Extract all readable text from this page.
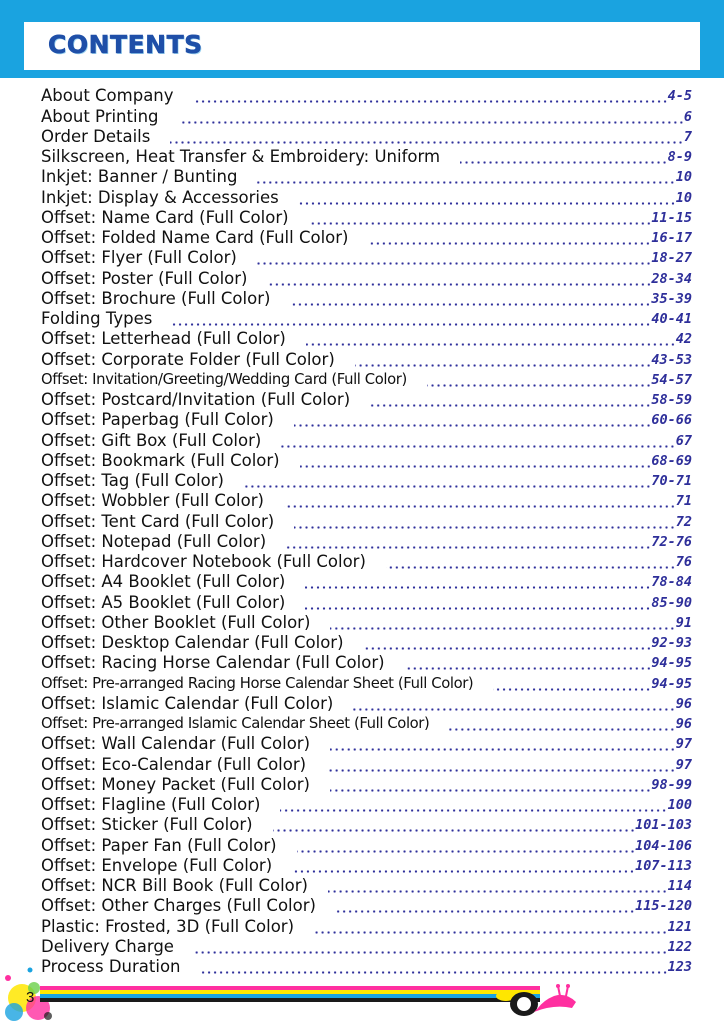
CONTENTS
About Company	4-5
About Printing	6
Order Details	7
Silkscreen, Heat Transfer & Embroidery: Uniform	8-9
Inkjet: Banner / Bunting	10
Inkjet: Display & Accessories	10
Offset: Name Card (Full Color)	11-15
Offset: Folded Name Card (Full Color)	16-17
Offset: Flyer (Full Color)	18-27
Offset: Poster (Full Color)	28-34
Offset: Brochure (Full Color)	35-39
Folding Types	40-41
Offset: Letterhead (Full Color)	42
Offset: Corporate Folder (Full Color)	43-53
Offset: Invitation/Greeting/Wedding Card (Full Color)	54-57
Offset: Postcard/Invitation (Full Color)	58-59
Offset: Paperbag (Full Color)	60-66
Offset: Gift Box (Full Color)	67
Offset: Bookmark (Full Color)	68-69
Offset: Tag (Full Color)	70-71
Offset: Wobbler (Full Color)	71
Offset: Tent Card (Full Color)	72
Offset: Notepad (Full Color)	72-76
Offset: Hardcover Notebook (Full Color)	76
Offset: A4 Booklet (Full Color)	78-84
Offset: A5 Booklet (Full Color)	85-90
Offset: Other Booklet (Full Color)	91
Offset: Desktop Calendar (Full Color)	92-93
Offset: Racing Horse Calendar (Full Color)	94-95
Offset: Pre-arranged Racing Horse Calendar Sheet (Full Color)	94-95
Offset: Islamic Calendar (Full Color)	96
Offset: Pre-arranged Islamic Calendar Sheet (Full Color)	96
Offset: Wall Calendar (Full Color)	97
Offset: Eco-Calendar (Full Color)	97
Offset: Money Packet (Full Color)	98-99
Offset: Flagline (Full Color)	100
Offset: Sticker (Full Color)	101-103
Offset: Paper Fan (Full Color)	104-106
Offset: Envelope (Full Color)	107-113
Offset: NCR Bill Book (Full Color)	114
Offset: Other Charges (Full Color)	115-120
Plastic: Frosted, 3D (Full Color)	121
Delivery Charge	122
Process Duration	123
3
